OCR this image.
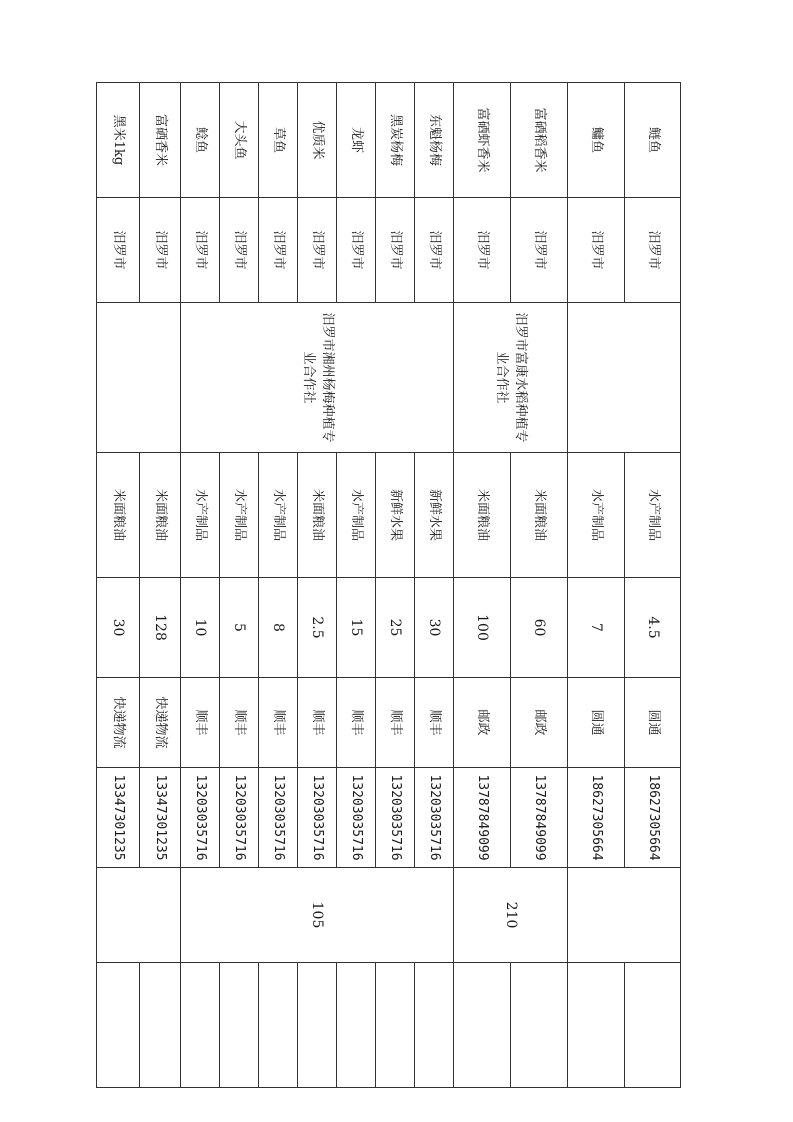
鲢鱼	汨罗市		水产制品	4.5	圆通	18627305664		
鳙鱼	汨罗市		水产制品	7	圆通	18627305664		
富硒稻香米	汨罗市	汨罗市富康水稻种植专业合作社	米面粮油	60	邮政	13787849099	210	
富硒虾香米	汨罗市		米面粮油	100	邮政	13787849099		
东魁杨梅	汨罗市	汨罗市湘州杨梅种植专业合作社	新鲜水果	30	顺丰	13203035716	105	
黑炭杨梅	汨罗市		新鲜水果	25	顺丰	13203035716		
龙虾	汨罗市		水产制品	15	顺丰	13203035716		
优质米	汨罗市		米面粮油	2.5	顺丰	13203035716		
草鱼	汨罗市		水产制品	8	顺丰	13203035716		
大头鱼	汨罗市		水产制品	5	顺丰	13203035716		
鲶鱼	汨罗市		水产制品	10	顺丰	13203035716		
富硒香米	汨罗市		米面粮油	128	快递物流	13347301235		
黑米1kg	汨罗市		米面粮油	30	快递物流	13347301235		
